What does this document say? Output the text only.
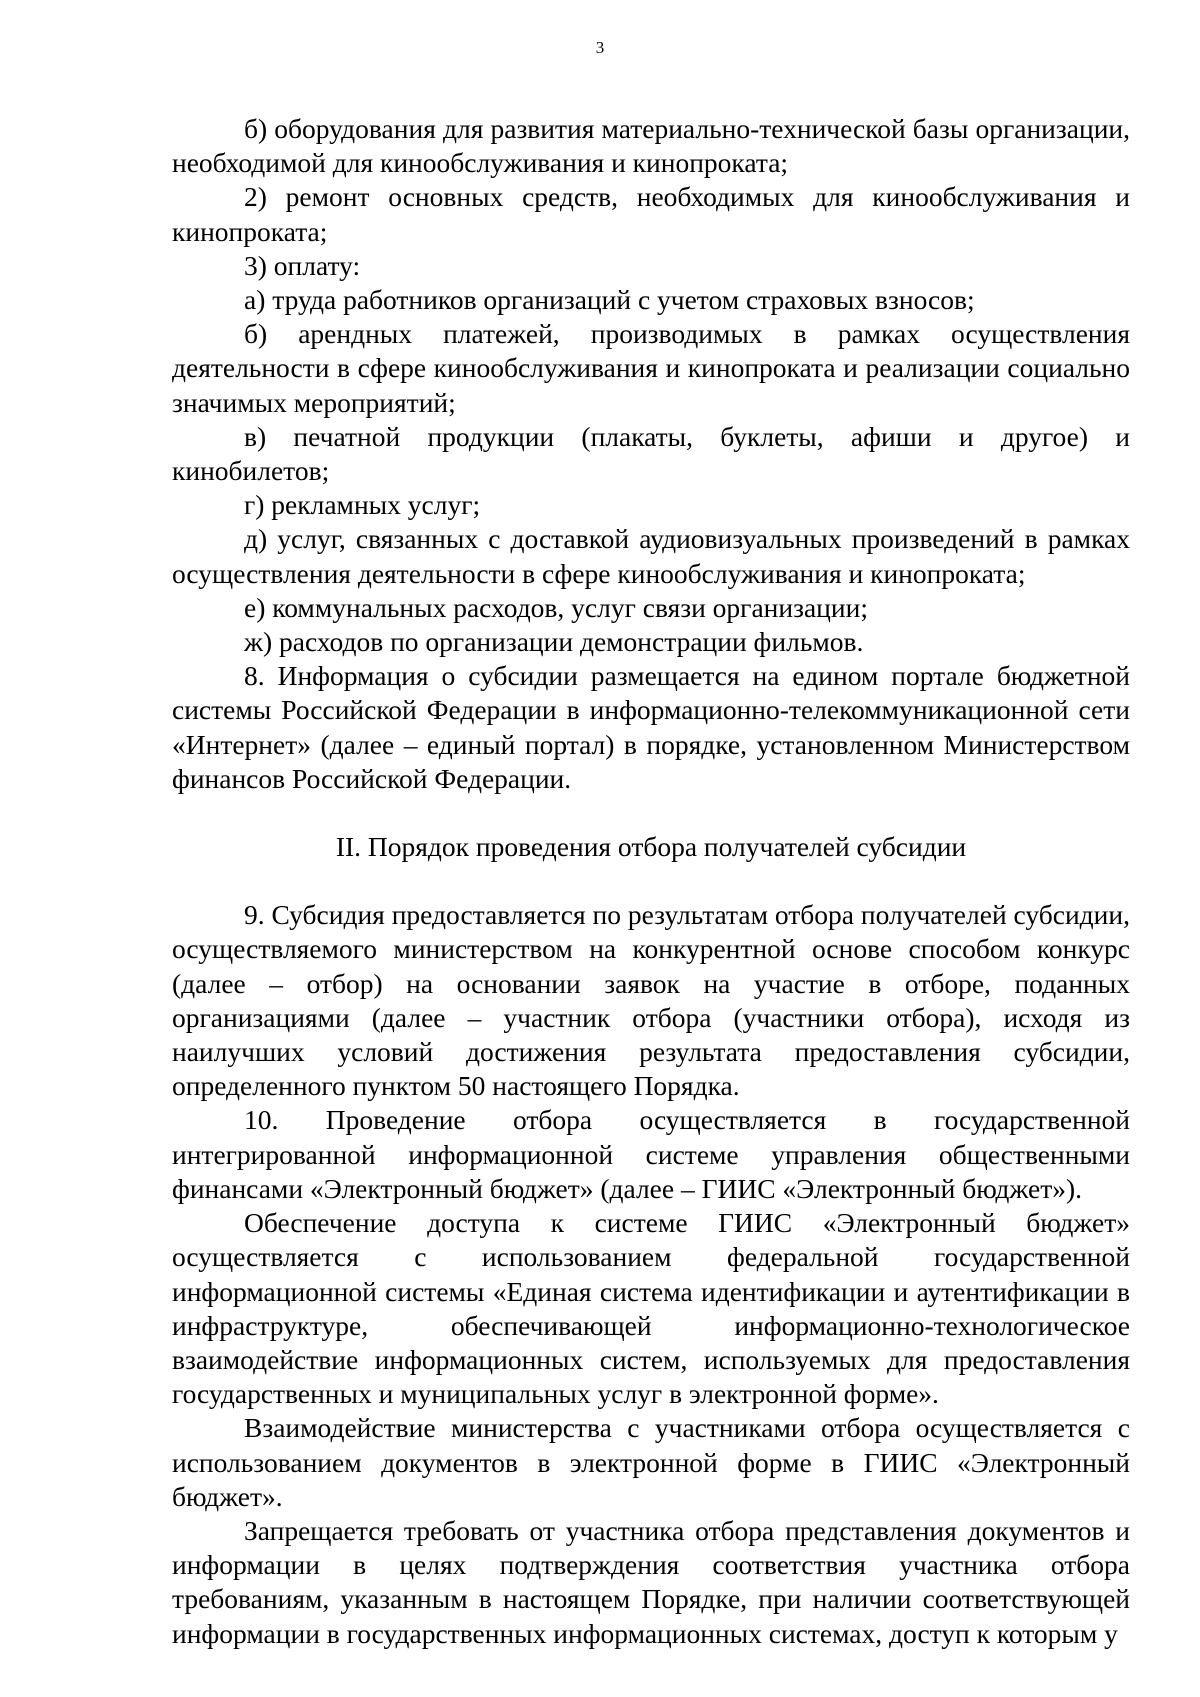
3

б) оборудования для развития материально-технической базы организации, необходимой для кинообслуживания и кинопроката;

2) ремонт основных средств, необходимых для кинообслуживания и кинопроката;

3) оплату:

а) труда работников организаций с учетом страховых взносов;

б) арендных платежей, производимых в рамках осуществления деятельности в сфере кинообслуживания и кинопроката и реализации социально значимых мероприятий;

в) печатной продукции (плакаты, буклеты, афиши и другое) и кинобилетов;

г) рекламных услуг;

д) услуг, связанных с доставкой аудиовизуальных произведений в рамках осуществления деятельности в сфере кинообслуживания и кинопроката;

е) коммунальных расходов, услуг связи организации;

ж) расходов по организации демонстрации фильмов.

8. Информация о субсидии размещается на едином портале бюджетной системы Российской Федерации в информационно-телекоммуникационной сети «Интернет» (далее – единый портал) в порядке, установленном Министерством финансов Российской Федерации.

II. Порядок проведения отбора получателей субсидии

9. Субсидия предоставляется по результатам отбора получателей субсидии, осуществляемого министерством на конкурентной основе способом конкурс (далее – отбор) на основании заявок на участие в отборе, поданных организациями (далее – участник отбора (участники отбора), исходя из наилучших условий достижения результата предоставления субсидии, определенного пунктом 50 настоящего Порядка.

10. Проведение отбора осуществляется в государственной интегрированной информационной системе управления общественными финансами «Электронный бюджет» (далее – ГИИС «Электронный бюджет»).

Обеспечение доступа к системе ГИИС «Электронный бюджет» осуществляется с использованием федеральной государственной информационной системы «Единая система идентификации и аутентификации в инфраструктуре, обеспечивающей информационно-технологическое взаимодействие информационных систем, используемых для предоставления государственных и муниципальных услуг в электронной форме».

Взаимодействие министерства с участниками отбора осуществляется с использованием документов в электронной форме в ГИИС «Электронный бюджет».

Запрещается требовать от участника отбора представления документов и информации в целях подтверждения соответствия участника отбора требованиям, указанным в настоящем Порядке, при наличии соответствующей информации в государственных информационных системах, доступ к которым у
